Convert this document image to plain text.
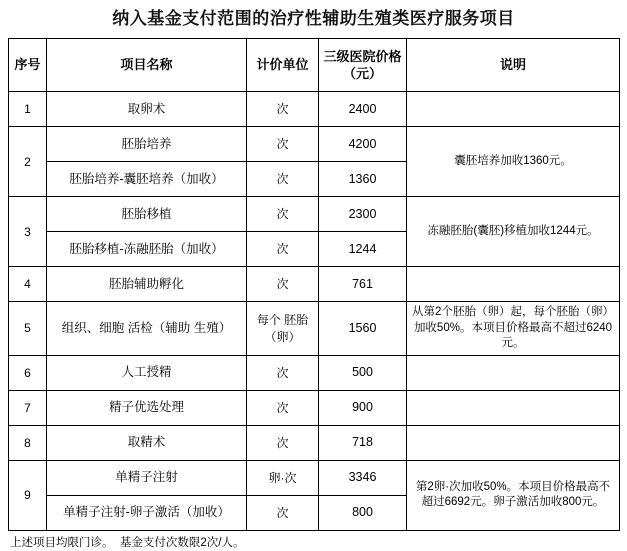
纳入基金支付范围的治疗性辅助生殖类医疗服务项目
序号	项目名称	计价单位	三级医院价格（元）	说明
1	取卵术	次	2400	
2	胚胎培养	次	4200	囊胚培养加收1360元。
	胚胎培养-囊胚培养（加收）	次	1360	
3	胚胎移植	次	2300	冻融胚胎(囊胚)移植加收1244元。
	胚胎移植-冻融胚胎（加收）	次	1244	
4	胚胎辅助孵化	次	761	
5	组织、细胞 活检（辅助 生殖）	每个 胚胎（卵）	1560	从第2个胚胎（卵）起，每个胚胎（卵）加收50%。本项目价格最高不超过6240元。
6	人工授精	次	500	
7	精子优选处理	次	900	
8	取精术	次	718	
9	单精子注射	卵·次	3346	第2卵·次加收50%。本项目价格最高不超过6692元。卵子激活加收800元。
	单精子注射-卵子激活（加收）	次	800	
上述项目均限门诊。  基金支付次数限2次/人。
